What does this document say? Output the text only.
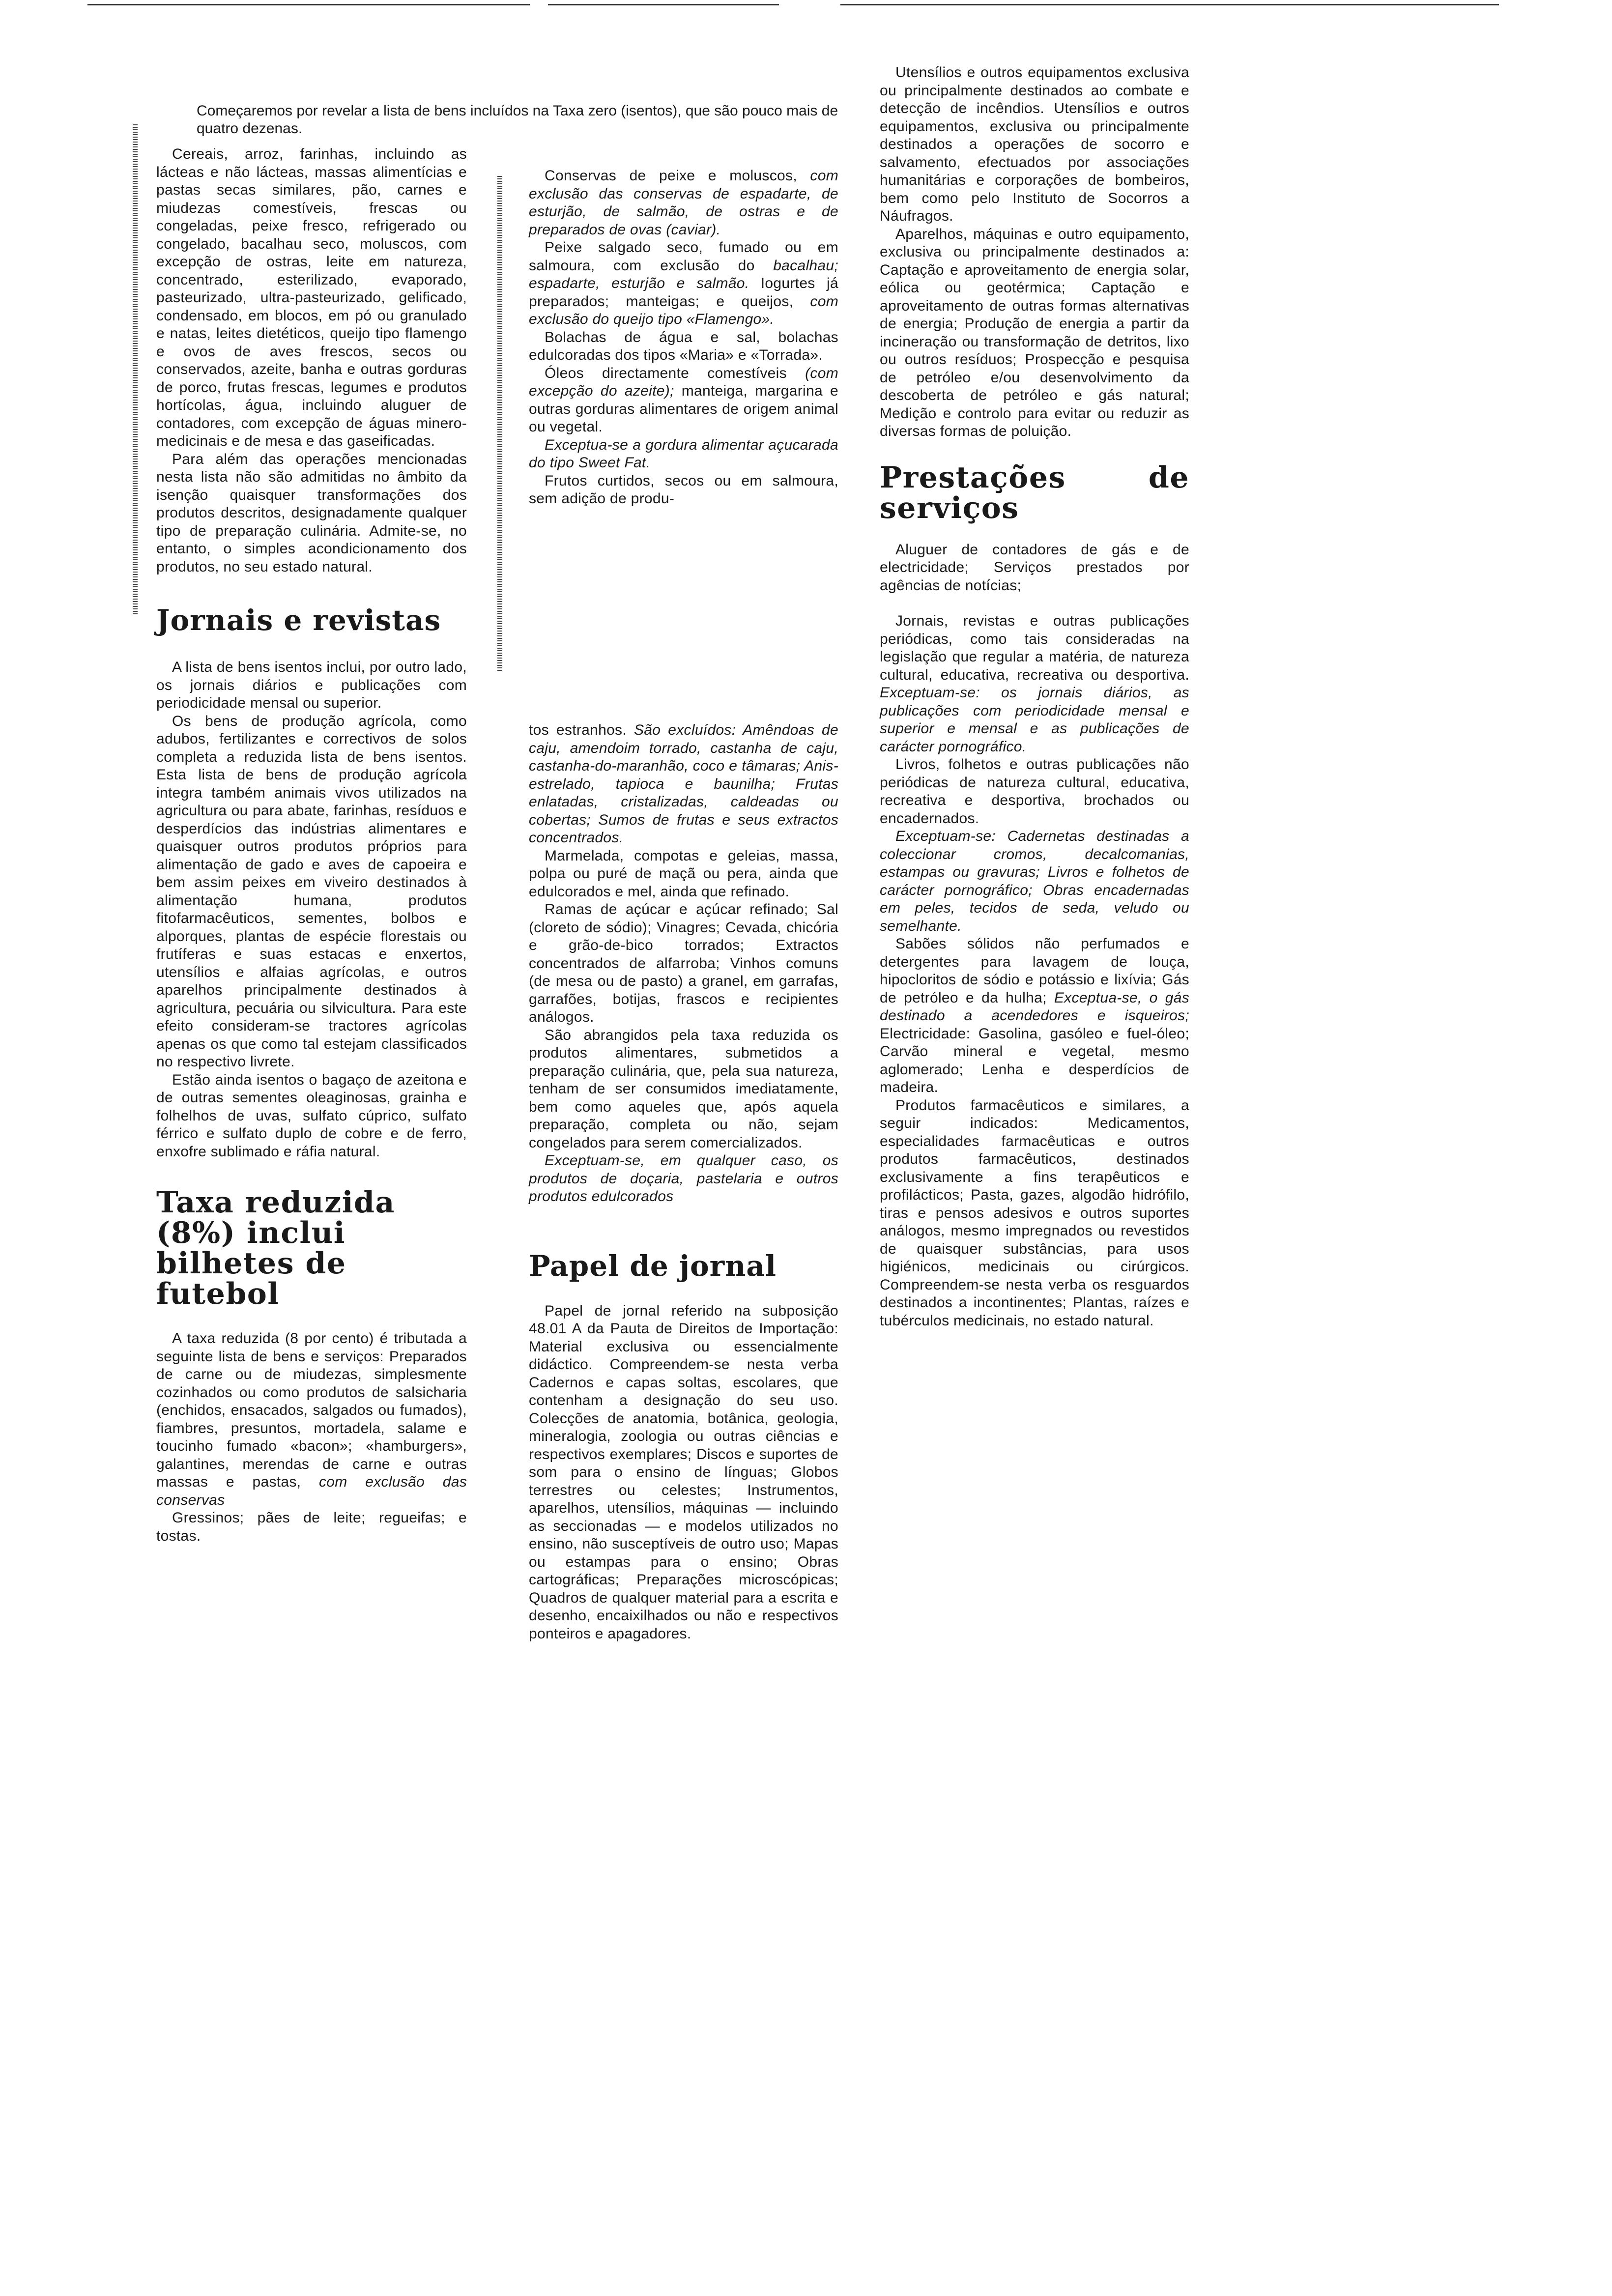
Começaremos por revelar a lista de bens incluídos na Taxa zero (isentos), que são pouco mais de quatro dezenas.

Cereais, arroz, farinhas, incluindo as lácteas e não lácteas, massas alimentícias e pastas secas similares, pão, carnes e miudezas comestíveis, frescas ou congeladas, peixe fresco, refrigerado ou congelado, bacalhau seco, moluscos, com excepção de ostras, leite em natureza, concentrado, esterilizado, evaporado, pasteurizado, ultra-pasteurizado, gelificado, condensado, em blocos, em pó ou granulado e natas, leites dietéticos, queijo tipo flamengo e ovos de aves frescos, secos ou conservados, azeite, banha e outras gorduras de porco, frutas frescas, legumes e produtos hortícolas, água, incluindo aluguer de contadores, com excepção de águas minero-medicinais e de mesa e das gaseificadas.

Para além das operações mencionadas nesta lista não são admitidas no âmbito da isenção quaisquer transformações dos produtos descritos, designadamente qualquer tipo de preparação culinária. Admite-se, no entanto, o simples acondicionamento dos produtos, no seu estado natural.

Jornais e revistas

A lista de bens isentos inclui, por outro lado, os jornais diários e publicações com periodicidade mensal ou superior.

Os bens de produção agrícola, como adubos, fertilizantes e correctivos de solos completa a reduzida lista de bens isentos. Esta lista de bens de produção agrícola integra também animais vivos utilizados na agricultura ou para abate, farinhas, resíduos e desperdícios das indústrias alimentares e quaisquer outros produtos próprios para alimentação de gado e aves de capoeira e bem assim peixes em viveiro destinados à alimentação humana, produtos fitofarmacêuticos, sementes, bolbos e alporques, plantas de espécie florestais ou frutíferas e suas estacas e enxertos, utensílios e alfaias agrícolas, e outros aparelhos principalmente destinados à agricultura, pecuária ou silvicultura. Para este efeito consideram-se tractores agrícolas apenas os que como tal estejam classificados no respectivo livrete.

Estão ainda isentos o bagaço de azeitona e de outras sementes oleaginosas, grainha e folhelhos de uvas, sulfato cúprico, sulfato férrico e sulfato duplo de cobre e de ferro, enxofre sublimado e ráfia natural.

Taxa reduzida (8%) inclui bilhetes de futebol

A taxa reduzida (8 por cento) é tributada a seguinte lista de bens e serviços: Preparados de carne ou de miudezas, simplesmente cozinhados ou como produtos de salsicharia (enchidos, ensacados, salgados ou fumados), fiambres, presuntos, mortadela, salame e toucinho fumado «bacon»; «hamburgers», galantines, merendas de carne e outras massas e pastas, com exclusão das conservas

Gressinos; pães de leite; regueifas; e tostas.

Conservas de peixe e moluscos, com exclusão das conservas de espadarte, de esturjão, de salmão, de ostras e de preparados de ovas (caviar).

Peixe salgado seco, fumado ou em salmoura, com exclusão do bacalhau; espadarte, esturjão e salmão. Iogurtes já preparados; manteigas; e queijos, com exclusão do queijo tipo «Flamengo».

Bolachas de água e sal, bolachas edulcoradas dos tipos «Maria» e «Torrada».

Óleos directamente comestíveis (com excepção do azeite); manteiga, margarina e outras gorduras alimentares de origem animal ou vegetal.

Exceptua-se a gordura alimentar açucarada do tipo Sweet Fat.

Frutos curtidos, secos ou em salmoura, sem adição de produ-

tos estranhos. São excluídos: Amêndoas de caju, amendoim torrado, castanha de caju, castanha-do-maranhão, coco e tâmaras; Anis-estrelado, tapioca e baunilha; Frutas enlatadas, cristalizadas, caldeadas ou cobertas; Sumos de frutas e seus extractos concentrados.

Marmelada, compotas e geleias, massa, polpa ou puré de maçã ou pera, ainda que edulcorados e mel, ainda que refinado.

Ramas de açúcar e açúcar refinado; Sal (cloreto de sódio); Vinagres; Cevada, chicória e grão-de-bico torrados; Extractos concentrados de alfarroba; Vinhos comuns (de mesa ou de pasto) a granel, em garrafas, garrafões, botijas, frascos e recipientes análogos.

São abrangidos pela taxa reduzida os produtos alimentares, submetidos a preparação culinária, que, pela sua natureza, tenham de ser consumidos imediatamente, bem como aqueles que, após aquela preparação, completa ou não, sejam congelados para serem comercializados.

Exceptuam-se, em qualquer caso, os produtos de doçaria, pastelaria e outros produtos edulcorados

Papel de jornal

Papel de jornal referido na subposição 48.01 A da Pauta de Direitos de Importação: Material exclusiva ou essencialmente didáctico. Compreendem-se nesta verba Cadernos e capas soltas, escolares, que contenham a designação do seu uso. Colecções de anatomia, botânica, geologia, mineralogia, zoologia ou outras ciências e respectivos exemplares; Discos e suportes de som para o ensino de línguas; Globos terrestres ou celestes; Instrumentos, aparelhos, utensílios, máquinas — incluindo as seccionadas — e modelos utilizados no ensino, não susceptíveis de outro uso; Mapas ou estampas para o ensino; Obras cartográficas; Preparações microscópicas; Quadros de qualquer material para a escrita e desenho, encaixilhados ou não e respectivos ponteiros e apagadores.

Utensílios e outros equipamentos exclusiva ou principalmente destinados ao combate e detecção de incêndios. Utensílios e outros equipamentos, exclusiva ou principalmente destinados a operações de socorro e salvamento, efectuados por associações humanitárias e corporações de bombeiros, bem como pelo Instituto de Socorros a Náufragos.

Aparelhos, máquinas e outro equipamento, exclusiva ou principalmente destinados a: Captação e aproveitamento de energia solar, eólica ou geotérmica; Captação e aproveitamento de outras formas alternativas de energia; Produção de energia a partir da incineração ou transformação de detritos, lixo ou outros resíduos; Prospecção e pesquisa de petróleo e/ou desenvolvimento da descoberta de petróleo e gás natural; Medição e controlo para evitar ou reduzir as diversas formas de poluição.

Prestações de serviços

Aluguer de contadores de gás e de electricidade; Serviços prestados por agências de notícias;

Jornais, revistas e outras publicações periódicas, como tais consideradas na legislação que regular a matéria, de natureza cultural, educativa, recreativa ou desportiva. Exceptuam-se: os jornais diários, as publicações com periodicidade mensal e superior e mensal e as publicações de carácter pornográfico.

Livros, folhetos e outras publicações não periódicas de natureza cultural, educativa, recreativa e desportiva, brochados ou encadernados.

Exceptuam-se: Cadernetas destinadas a coleccionar cromos, decalcomanias, estampas ou gravuras; Livros e folhetos de carácter pornográfico; Obras encadernadas em peles, tecidos de seda, veludo ou semelhante.

Sabões sólidos não perfumados e detergentes para lavagem de louça, hipocloritos de sódio e potássio e lixívia; Gás de petróleo e da hulha; Exceptua-se, o gás destinado a acendedores e isqueiros; Electricidade: Gasolina, gasóleo e fuel-óleo; Carvão mineral e vegetal, mesmo aglomerado; Lenha e desperdícios de madeira.

Produtos farmacêuticos e similares, a seguir indicados: Medicamentos, especialidades farmacêuticas e outros produtos farmacêuticos, destinados exclusivamente a fins terapêuticos e profilácticos; Pasta, gazes, algodão hidrófilo, tiras e pensos adesivos e outros suportes análogos, mesmo impregnados ou revestidos de quaisquer substâncias, para usos higiénicos, medicinais ou cirúrgicos. Compreendem-se nesta verba os resguardos destinados a incontinentes; Plantas, raízes e tubérculos medicinais, no estado natural.
